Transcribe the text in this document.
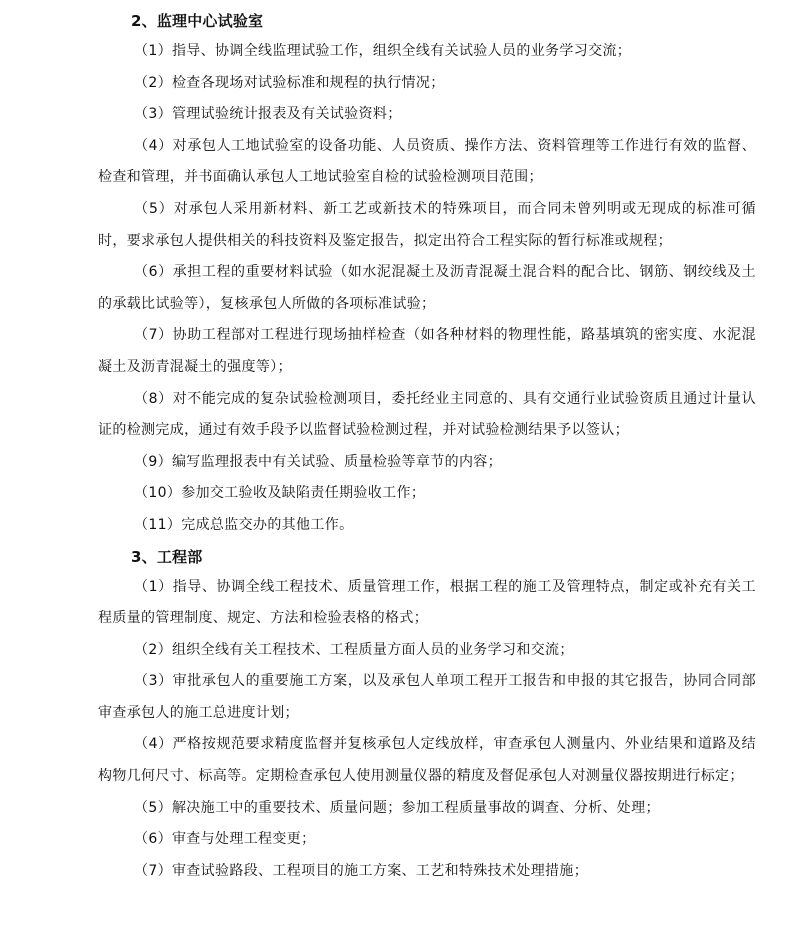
2、监理中心试验室

（1）指导、协调全线监理试验工作，组织全线有关试验人员的业务学习交流；

（2）检查各现场对试验标准和规程的执行情况；

（3）管理试验统计报表及有关试验资料；

（4）对承包人工地试验室的设备功能、人员资质、操作方法、资料管理等工作进行有效的监督、检查和管理，并书面确认承包人工地试验室自检的试验检测项目范围；

（5）对承包人采用新材料、新工艺或新技术的特殊项目，而合同未曾列明或无现成的标准可循时，要求承包人提供相关的科技资料及鉴定报告，拟定出符合工程实际的暂行标准或规程；

（6）承担工程的重要材料试验（如水泥混凝土及沥青混凝土混合料的配合比、钢筋、钢绞线及土的承载比试验等），复核承包人所做的各项标准试验；

（7）协助工程部对工程进行现场抽样检查（如各种材料的物理性能，路基填筑的密实度、水泥混凝土及沥青混凝土的强度等）；

（8）对不能完成的复杂试验检测项目，委托经业主同意的、具有交通行业试验资质且通过计量认证的检测完成，通过有效手段予以监督试验检测过程，并对试验检测结果予以签认；

（9）编写监理报表中有关试验、质量检验等章节的内容；

（10）参加交工验收及缺陷责任期验收工作；

（11）完成总监交办的其他工作。

3、工程部

（1）指导、协调全线工程技术、质量管理工作，根据工程的施工及管理特点，制定或补充有关工程质量的管理制度、规定、方法和检验表格的格式；

（2）组织全线有关工程技术、工程质量方面人员的业务学习和交流；

（3）审批承包人的重要施工方案，以及承包人单项工程开工报告和申报的其它报告，协同合同部审查承包人的施工总进度计划；

（4）严格按规范要求精度监督并复核承包人定线放样，审查承包人测量内、外业结果和道路及结构物几何尺寸、标高等。定期检查承包人使用测量仪器的精度及督促承包人对测量仪器按期进行标定；

（5）解决施工中的重要技术、质量问题；参加工程质量事故的调查、分析、处理；

（6）审查与处理工程变更；

（7）审查试验路段、工程项目的施工方案、工艺和特殊技术处理措施；
